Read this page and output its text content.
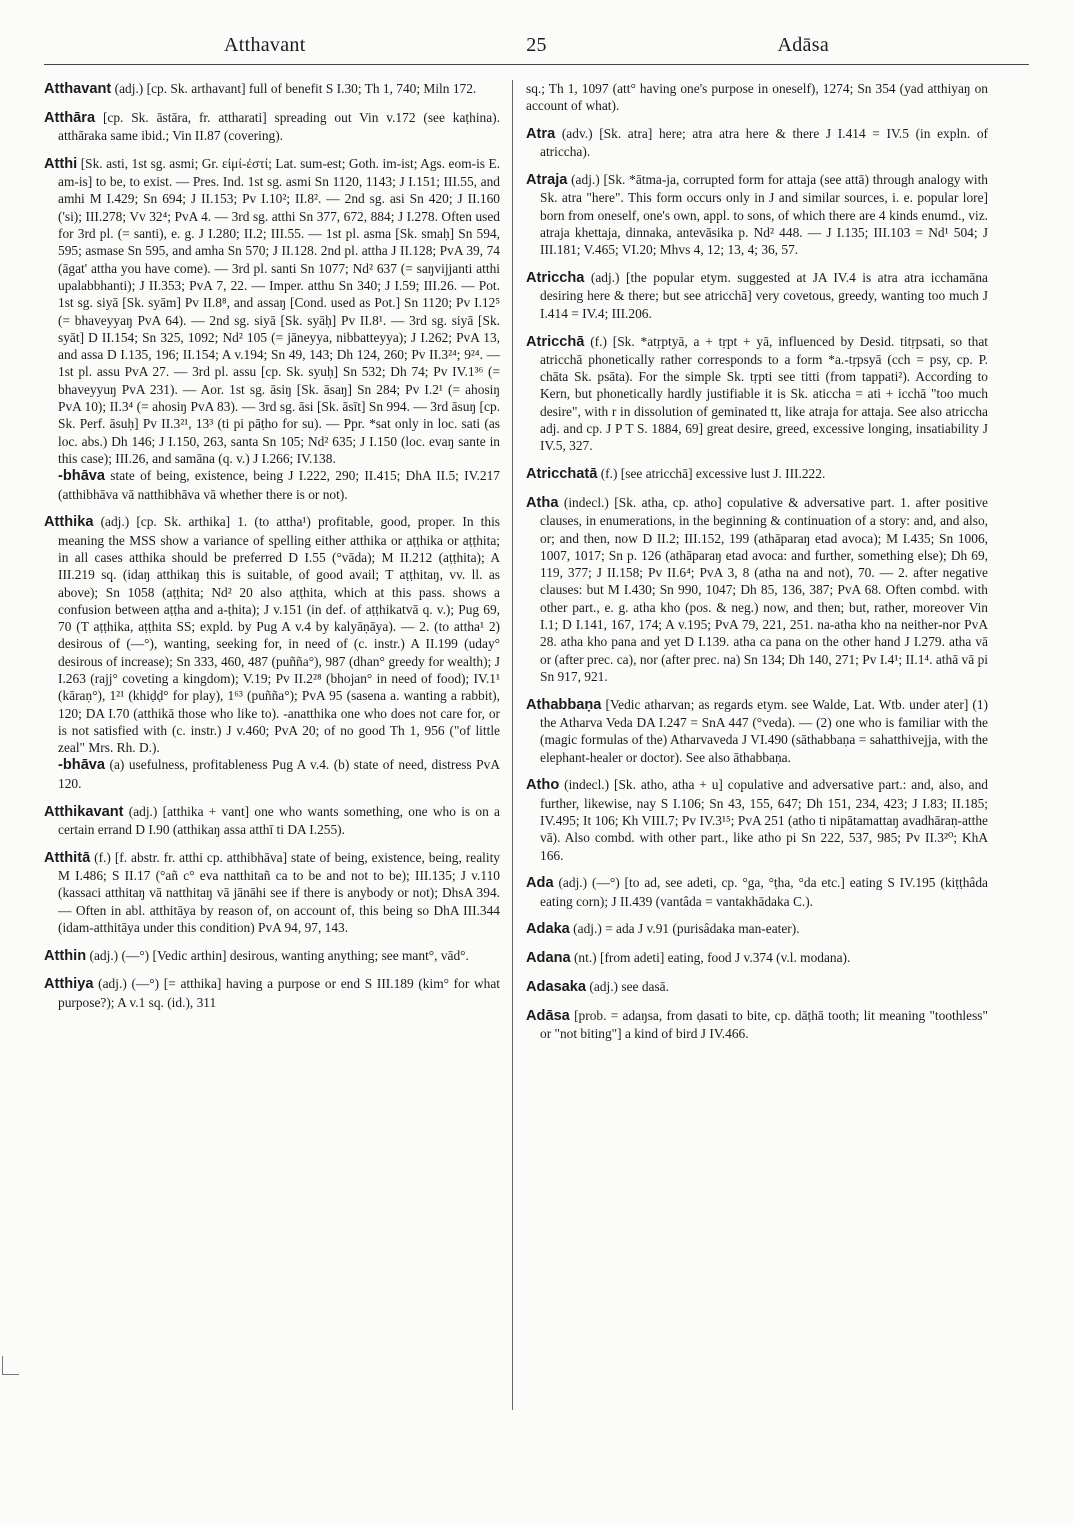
Atthavant	25	Adāsa

Atthavant (adj.) [cp. Sk. arthavant] full of benefit S I.30; Th 1, 740; Miln 172.

Atthāra [cp. Sk. āstāra, fr. attharati] spreading out Vin v.172 (see kaṭhina). atthāraka same ibid.; Vin II.87 (covering).

Atthi [Sk. asti, 1st sg. asmi; Gr. εἰμί-ἐστί; Lat. sum-est; Goth. im-ist; Ags. eom-is E. am-is] to be, to exist. — Pres. Ind. 1st sg. asmi Sn 1120, 1143; J I.151; III.55, and amhi M I.429; Sn 694; J II.153; Pv I.10²; II.8². — 2nd sg. asi Sn 420; J II.160 ('si); III.278; Vv 32⁴; PvA 4. — 3rd sg. atthi Sn 377, 672, 884; J I.278. Often used for 3rd pl. (= santi), e. g. J I.280; II.2; III.55. — 1st pl. asma [Sk. smaḥ] Sn 594, 595; asmase Sn 595, and amha Sn 570; J II.128. 2nd pl. attha J II.128; PvA 39, 74 (āgat' attha you have come). — 3rd pl. santi Sn 1077; Nd² 637 (= saŋvijjanti atthi upalabbhanti); J II.353; PvA 7, 22. — Imper. atthu Sn 340; J I.59; III.26. — Pot. 1st sg. siyā [Sk. syām] Pv II.8⁸, and assaŋ [Cond. used as Pot.] Sn 1120; Pv I.12⁵ (= bhaveyyaŋ PvA 64). — 2nd sg. siyā [Sk. syāḥ] Pv II.8¹. — 3rd sg. siyā [Sk. syāt] D II.154; Sn 325, 1092; Nd² 105 (= jāneyya, nibbatteyya); J I.262; PvA 13, and assa D I.135, 196; II.154; A v.194; Sn 49, 143; Dh 124, 260; Pv II.3²⁴; 9²⁴. — 1st pl. assu PvA 27. — 3rd pl. assu [cp. Sk. syuḥ] Sn 532; Dh 74; Pv IV.1³⁶ (= bhaveyyuŋ PvA 231). — Aor. 1st sg. āsiŋ [Sk. āsaŋ] Sn 284; Pv I.2¹ (= ahosiŋ PvA 10); II.3⁴ (= ahosiŋ PvA 83). — 3rd sg. āsi [Sk. āsīt] Sn 994. — 3rd āsuŋ [cp. Sk. Perf. āsuḥ] Pv II.3²¹, 13³ (ti pi pāṭho for su). — Ppr. *sat only in loc. sati (as loc. abs.) Dh 146; J I.150, 263, santa Sn 105; Nd² 635; J I.150 (loc. evaŋ sante in this case); III.26, and samāna (q. v.) J I.266; IV.138.

-bhāva state of being, existence, being J I.222, 290; II.415; DhA II.5; IV.217 (atthibhāva vā natthibhāva vā whether there is or not).

Atthika (adj.) [cp. Sk. arthika] 1. (to attha¹) profitable, good, proper. In this meaning the MSS show a variance of spelling either atthika or aṭṭhika or aṭṭhita; in all cases atthika should be preferred D I.55 (°vāda); M II.212 (aṭṭhita); A III.219 sq. (idaŋ atthikaŋ this is suitable, of good avail; T aṭṭhitaŋ, vv. ll. as above); Sn 1058 (aṭṭhita; Nd² 20 also aṭṭhita, which at this pass. shows a confusion between aṭṭha and a-ṭhita); J v.151 (in def. of aṭṭhikatvā q. v.); Pug 69, 70 (T aṭṭhika, aṭṭhita SS; expld. by Pug A v.4 by kalyāṇāya). — 2. (to attha¹ 2) desirous of (—°), wanting, seeking for, in need of (c. instr.) A II.199 (uday° desirous of increase); Sn 333, 460, 487 (puñña°), 987 (dhan° greedy for wealth); J I.263 (rajj° coveting a kingdom); V.19; Pv II.2²⁸ (bhojan° in need of food); IV.1¹ (kāraṇ°), 1²¹ (khiḍḍ° for play), 1⁶³ (puñña°); PvA 95 (sasena a. wanting a rabbit), 120; DA I.70 (atthikā those who like to). -anatthika one who does not care for, or is not satisfied with (c. instr.) J v.460; PvA 20; of no good Th 1, 956 ("of little zeal" Mrs. Rh. D.).

-bhāva (a) usefulness, profitableness Pug A v.4. (b) state of need, distress PvA 120.

Atthikavant (adj.) [atthika + vant] one who wants something, one who is on a certain errand D I.90 (atthikaŋ assa atthī ti DA I.255).

Atthitā (f.) [f. abstr. fr. atthi cp. atthibhāva] state of being, existence, being, reality M I.486; S II.17 (°añ c° eva natthitañ ca to be and not to be); III.135; J v.110 (kassaci atthitaŋ vā natthitaŋ vā jānāhi see if there is anybody or not); DhsA 394. — Often in abl. atthitāya by reason of, on account of, this being so DhA III.344 (idam-atthitāya under this condition) PvA 94, 97, 143.

Atthin (adj.) (—°) [Vedic arthin] desirous, wanting anything; see mant°, vād°.

Atthiya (adj.) (—°) [= atthika] having a purpose or end S III.189 (kim° for what purpose?); A v.1 sq. (id.), 311

sq.; Th 1, 1097 (att° having one's purpose in oneself), 1274; Sn 354 (yad atthiyaŋ on account of what).

Atra (adv.) [Sk. atra] here; atra atra here & there J I.414 = IV.5 (in expln. of atriccha).

Atraja (adj.) [Sk. *ātma-ja, corrupted form for attaja (see attā) through analogy with Sk. atra "here". This form occurs only in J and similar sources, i. e. popular lore] born from oneself, one's own, appl. to sons, of which there are 4 kinds enumd., viz. atraja khettaja, dinnaka, antevāsika p. Nd² 448. — J I.135; III.103 = Nd¹ 504; J III.181; V.465; VI.20; Mhvs 4, 12; 13, 4; 36, 57.

Atriccha (adj.) [the popular etym. suggested at JA IV.4 is atra atra icchamāna desiring here & there; but see atricchā] very covetous, greedy, wanting too much J I.414 = IV.4; III.206.

Atricchā (f.) [Sk. *atṛptyā, a + tṛpt + yā, influenced by Desid. titṛpsati, so that atricchā phonetically rather corresponds to a form *a.-tṛpsyā (cch = psy, cp. P. chāta Sk. psāta). For the simple Sk. tṛpti see titti (from tappati²). According to Kern, but phonetically hardly justifiable it is Sk. aticcha = ati + icchā "too much desire", with r in dissolution of geminated tt, like atraja for attaja. See also atriccha adj. and cp. J P T S. 1884, 69] great desire, greed, excessive longing, insatiability J IV.5, 327.

Atricchatā (f.) [see atricchā] excessive lust J. III.222.

Atha (indecl.) [Sk. atha, cp. atho] copulative & adversative part. 1. after positive clauses, in enumerations, in the beginning & continuation of a story: and, and also, or; and then, now D II.2; III.152, 199 (athāparaŋ etad avoca); M I.435; Sn 1006, 1007, 1017; Sn p. 126 (athāparaŋ etad avoca: and further, something else); Dh 69, 119, 377; J II.158; Pv II.6⁴; PvA 3, 8 (atha na and not), 70. — 2. after negative clauses: but M I.430; Sn 990, 1047; Dh 85, 136, 387; PvA 68. Often combd. with other part., e. g. atha kho (pos. & neg.) now, and then; but, rather, moreover Vin I.1; D I.141, 167, 174; A v.195; PvA 79, 221, 251. na-atha kho na neither-nor PvA 28. atha kho pana and yet D I.139. atha ca pana on the other hand J I.279. atha vā or (after prec. ca), nor (after prec. na) Sn 134; Dh 140, 271; Pv I.4¹; II.1⁴. athā vā pi Sn 917, 921.

Athabbaṇa [Vedic atharvan; as regards etym. see Walde, Lat. Wtb. under ater] (1) the Atharva Veda DA I.247 = SnA 447 (°veda). — (2) one who is familiar with the (magic formulas of the) Atharvaveda J VI.490 (sāthabbaṇa = sahatthivejja, with the elephant-healer or doctor). See also āthabbaṇa.

Atho (indecl.) [Sk. atho, atha + u] copulative and adversative part.: and, also, and further, likewise, nay S I.106; Sn 43, 155, 647; Dh 151, 234, 423; J I.83; II.185; IV.495; It 106; Kh VIII.7; Pv IV.3¹⁵; PvA 251 (atho ti nipātamattaŋ avadhāraṇ-atthe vā). Also combd. with other part., like atho pi Sn 222, 537, 985; Pv II.3²⁰; KhA 166.

Ada (adj.) (—°) [to ad, see adeti, cp. °ga, °ṭha, °da etc.] eating S IV.195 (kiṭṭhâda eating corn); J II.439 (vantâda = vantakhādaka C.).

Adaka (adj.) = ada J v.91 (purisâdaka man-eater).

Adana (nt.) [from adeti] eating, food J v.374 (v.l. modana).

Adasaka (adj.) see dasā.

Adāsa [prob. = adaŋsa, from ḍasati to bite, cp. dāṭhā tooth; lit meaning "toothless" or "not biting"] a kind of bird J IV.466.
